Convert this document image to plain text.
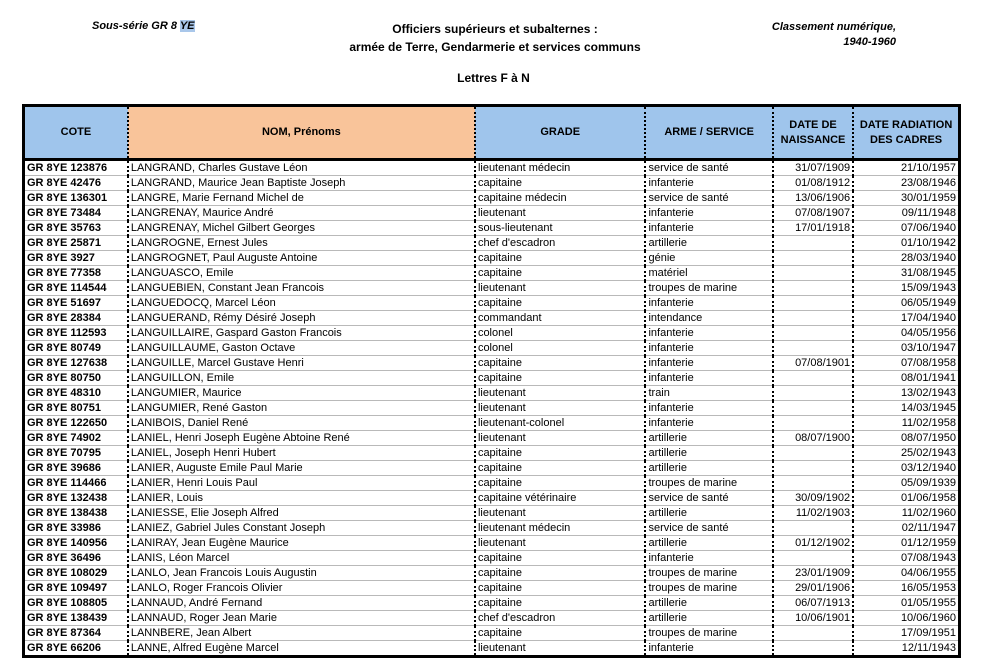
Sous-série GR 8 YE	Officiers supérieurs et subalternes :
armée de Terre, Gendarmerie et services communs
Classement numérique,
1940-1960
Lettres F à N
COTE	NOM, Prénoms	GRADE	ARME / SERVICE	DATE DE NAISSANCE	DATE RADIATION DES CADRES
GR 8YE 123876	LANGRAND, Charles Gustave Léon	lieutenant médecin	service de santé	31/07/1909	21/10/1957
GR 8YE 42476	LANGRAND, Maurice Jean Baptiste Joseph	capitaine	infanterie	01/08/1912	23/08/1946
GR 8YE 136301	LANGRE, Marie Fernand Michel de	capitaine médecin	service de santé	13/06/1906	30/01/1959
GR 8YE 73484	LANGRENAY, Maurice André	lieutenant	infanterie	07/08/1907	09/11/1948
GR 8YE 35763	LANGRENAY, Michel Gilbert Georges	sous-lieutenant	infanterie	17/01/1918	07/06/1940
GR 8YE 25871	LANGROGNE, Ernest Jules	chef d'escadron	artillerie		01/10/1942
GR 8YE 3927	LANGROGNET, Paul Auguste Antoine	capitaine	génie		28/03/1940
GR 8YE 77358	LANGUASCO, Emile	capitaine	matériel		31/08/1945
GR 8YE 114544	LANGUEBIEN, Constant Jean Francois	lieutenant	troupes de marine		15/09/1943
GR 8YE 51697	LANGUEDOCQ, Marcel Léon	capitaine	infanterie		06/05/1949
GR 8YE 28384	LANGUERAND, Rémy Désiré Joseph	commandant	intendance		17/04/1940
GR 8YE 112593	LANGUILLAIRE, Gaspard Gaston Francois	colonel	infanterie		04/05/1956
GR 8YE 80749	LANGUILLAUME, Gaston Octave	colonel	infanterie		03/10/1947
GR 8YE 127638	LANGUILLE, Marcel Gustave Henri	capitaine	infanterie	07/08/1901	07/08/1958
GR 8YE 80750	LANGUILLON, Emile	capitaine	infanterie		08/01/1941
GR 8YE 48310	LANGUMIER, Maurice	lieutenant	train		13/02/1943
GR 8YE 80751	LANGUMIER, René Gaston	lieutenant	infanterie		14/03/1945
GR 8YE 122650	LANIBOIS, Daniel René	lieutenant-colonel	infanterie		11/02/1958
GR 8YE 74902	LANIEL, Henri Joseph Eugène Abtoine René	lieutenant	artillerie	08/07/1900	08/07/1950
GR 8YE 70795	LANIEL, Joseph Henri Hubert	capitaine	artillerie		25/02/1943
GR 8YE 39686	LANIER, Auguste Emile Paul Marie	capitaine	artillerie		03/12/1940
GR 8YE 114466	LANIER, Henri Louis Paul	capitaine	troupes de marine		05/09/1939
GR 8YE 132438	LANIER, Louis	capitaine vétérinaire	service de santé	30/09/1902	01/06/1958
GR 8YE 138438	LANIESSE, Elie Joseph Alfred	lieutenant	artillerie	11/02/1903	11/02/1960
GR 8YE 33986	LANIEZ, Gabriel Jules Constant Joseph	lieutenant médecin	service de santé		02/11/1947
GR 8YE 140956	LANIRAY, Jean Eugène Maurice	lieutenant	artillerie	01/12/1902	01/12/1959
GR 8YE 36496	LANIS, Léon Marcel	capitaine	infanterie		07/08/1943
GR 8YE 108029	LANLO, Jean Francois Louis Augustin	capitaine	troupes de marine	23/01/1909	04/06/1955
GR 8YE 109497	LANLO, Roger Francois Olivier	capitaine	troupes de marine	29/01/1906	16/05/1953
GR 8YE 108805	LANNAUD, André Fernand	capitaine	artillerie	06/07/1913	01/05/1955
GR 8YE 138439	LANNAUD, Roger Jean Marie	chef d'escadron	artillerie	10/06/1901	10/06/1960
GR 8YE 87364	LANNBERE, Jean Albert	capitaine	troupes de marine		17/09/1951
GR 8YE 66206	LANNE, Alfred Eugène Marcel	lieutenant	infanterie		12/11/1943
